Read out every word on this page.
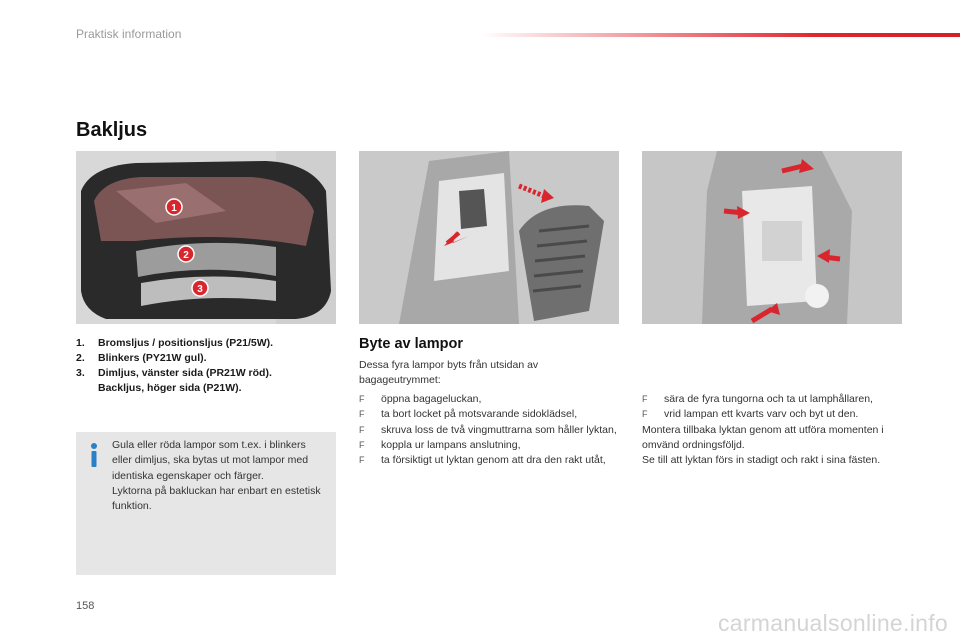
Praktisk information
Bakljus
1
2
3
1.	Bromsljus / positionsljus (P21/5W).
2.	Blinkers (PY21W gul).
3.	Dimljus, vänster sida (PR21W röd).
Backljus, höger sida (P21W).
Gula eller röda lampor som t.ex. i blinkers eller dimljus, ska bytas ut mot lampor med identiska egenskaper och färger.
Lyktorna på bakluckan har enbart en estetisk funktion.
Byte av lampor
Dessa fyra lampor byts från utsidan av bagageutrymmet:
F	öppna bagageluckan,
F	ta bort locket på motsvarande sidoklädsel,
F	skruva loss de två vingmuttrarna som håller lyktan,
F	koppla ur lampans anslutning,
F	ta försiktigt ut lyktan genom att dra den rakt utåt,
F	sära de fyra tungorna och ta ut lamphållaren,
F	vrid lampan ett kvarts varv och byt ut den.
Montera tillbaka lyktan genom att utföra momenten i omvänd ordningsföljd.
Se till att lyktan förs in stadigt och rakt i sina fästen.
158
carmanualsonline.info
